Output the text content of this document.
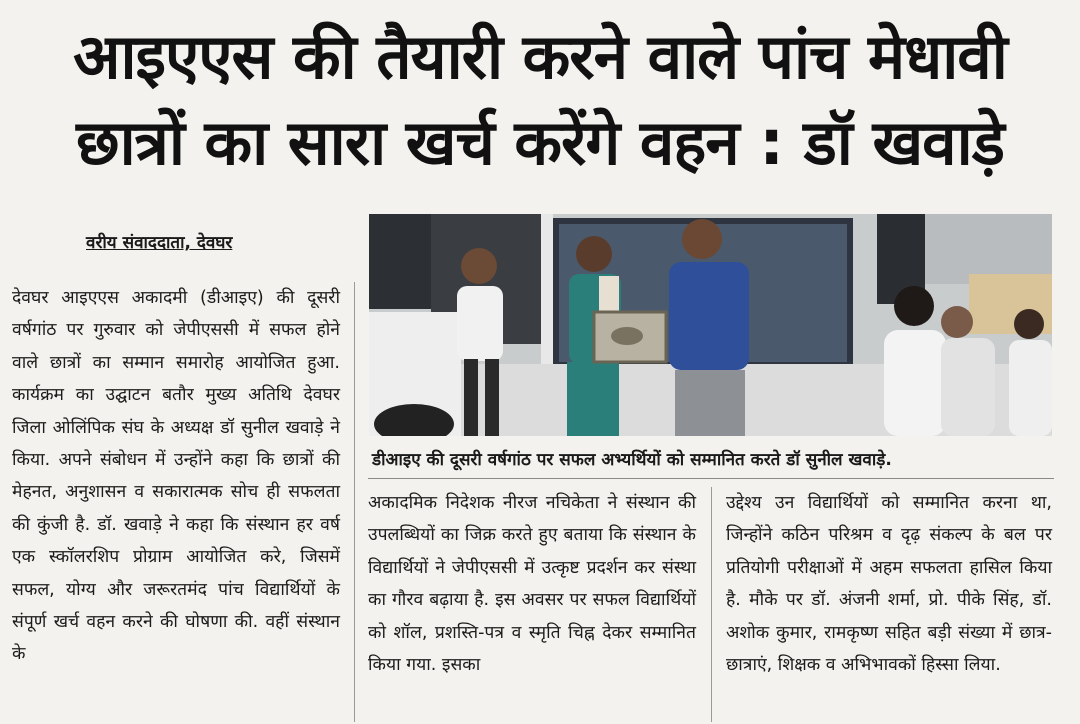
आइएएस की तैयारी करने वाले पांच मेधावी
छात्रों का सारा खर्च करेंगे वहन : डॉ खवाड़े
वरीय संवाददाता, देवघर

देवघर आइएएस अकादमी (डीआइए) की दूसरी वर्षगांठ पर गुरुवार को जेपीएससी में सफल होने वाले छात्रों का सम्मान समारोह आयोजित हुआ. कार्यक्रम का उद्घाटन बतौर मुख्य अतिथि देवघर जिला ओलिंपिक संघ के अध्यक्ष डॉ सुनील खवाड़े ने किया. अपने संबोधन में उन्होंने कहा कि छात्रों की मेहनत, अनुशासन व सकारात्मक सोच ही सफलता की कुंजी है. डॉ. खवाड़े ने कहा कि संस्थान हर वर्ष एक स्कॉलरशिप प्रोग्राम आयोजित करे, जिसमें सफल, योग्य और जरूरतमंद पांच विद्यार्थियों के संपूर्ण खर्च वहन करने की घोषणा की. वहीं संस्थान के

डीआइए की दूसरी वर्षगांठ पर सफल अभ्यर्थियों को सम्मानित करते डॉ सुनील खवाड़े.

अकादमिक निदेशक नीरज नचिकेता ने संस्थान की उपलब्धियों का जिक्र करते हुए बताया कि संस्थान के विद्यार्थियों ने जेपीएससी में उत्कृष्ट प्रदर्शन कर संस्था का गौरव बढ़ाया है. इस अवसर पर सफल विद्यार्थियों को शॉल, प्रशस्ति-पत्र व स्मृति चिह्न देकर सम्मानित किया गया. इसका

उद्देश्य उन विद्यार्थियों को सम्मानित करना था, जिन्होंने कठिन परिश्रम व दृढ़ संकल्प के बल पर प्रतियोगी परीक्षाओं में अहम सफलता हासिल किया है. मौके पर डॉ. अंजनी शर्मा, प्रो. पीके सिंह, डॉ. अशोक कुमार, रामकृष्ण सहित बड़ी संख्या में छात्र-छात्राएं, शिक्षक व अभिभावकों हिस्सा लिया.
